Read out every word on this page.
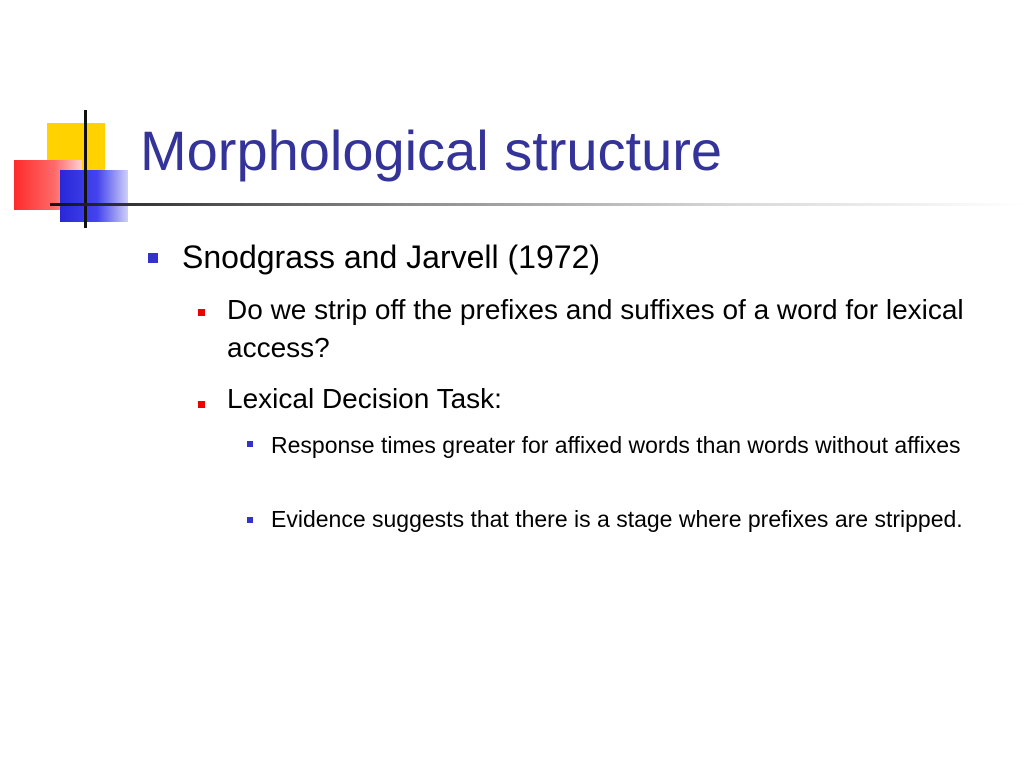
Morphological structure
Snodgrass and Jarvell (1972)
Do we strip off the prefixes and suffixes of a word for lexical access?
Lexical Decision Task:
Response times greater for affixed words than words without affixes
Evidence suggests that there is a stage where prefixes are stripped.
